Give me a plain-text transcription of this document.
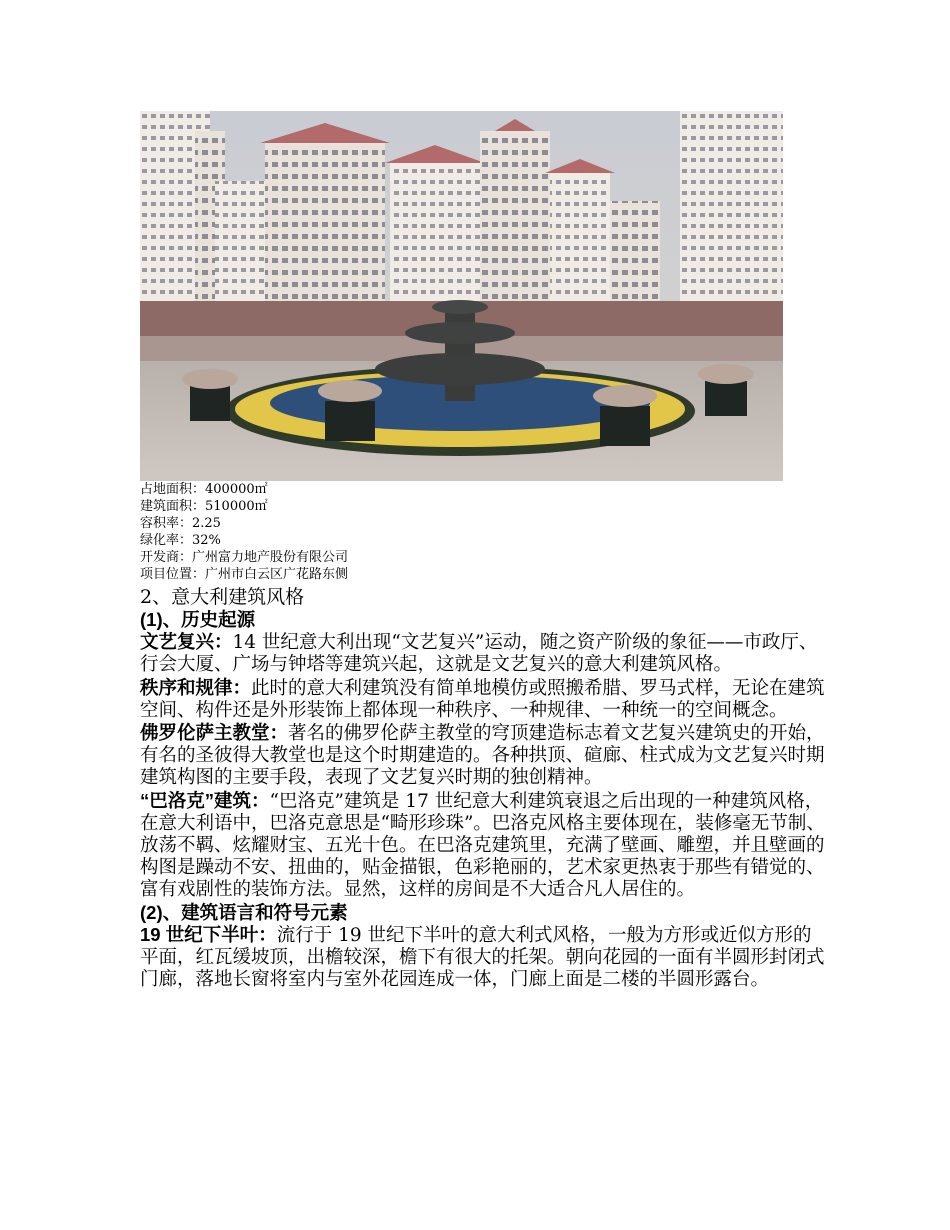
占地面积：400000㎡
建筑面积：510000㎡
容积率：2.25
绿化率：32%
开发商：广州富力地产股份有限公司
项目位置：广州市白云区广花路东侧
2、意大利建筑风格
(1)、历史起源

文艺复兴：14 世纪意大利出现“文艺复兴”运动，随之资产阶级的象征——市政厅、行会大厦、广场与钟塔等建筑兴起，这就是文艺复兴的意大利建筑风格。

秩序和规律：此时的意大利建筑没有简单地模仿或照搬希腊、罗马式样，无论在建筑空间、构件还是外形装饰上都体现一种秩序、一种规律、一种统一的空间概念。

佛罗伦萨主教堂：著名的佛罗伦萨主教堂的穹顶建造标志着文艺复兴建筑史的开始，有名的圣彼得大教堂也是这个时期建造的。各种拱顶、碹廊、柱式成为文艺复兴时期建筑构图的主要手段，表现了文艺复兴时期的独创精神。

“巴洛克”建筑：“巴洛克”建筑是 17 世纪意大利建筑衰退之后出现的一种建筑风格，在意大利语中，巴洛克意思是“畸形珍珠”。巴洛克风格主要体现在，装修毫无节制、放荡不羁、炫耀财宝、五光十色。在巴洛克建筑里，充满了壁画、雕塑，并且壁画的构图是躁动不安、扭曲的，贴金描银，色彩艳丽的，艺术家更热衷于那些有错觉的、富有戏剧性的装饰方法。显然，这样的房间是不大适合凡人居住的。

(2)、建筑语言和符号元素

19 世纪下半叶：流行于 19 世纪下半叶的意大利式风格，一般为方形或近似方形的平面，红瓦缓坡顶，出檐较深，檐下有很大的托架。朝向花园的一面有半圆形封闭式门廊，落地长窗将室内与室外花园连成一体，门廊上面是二楼的半圆形露台。
